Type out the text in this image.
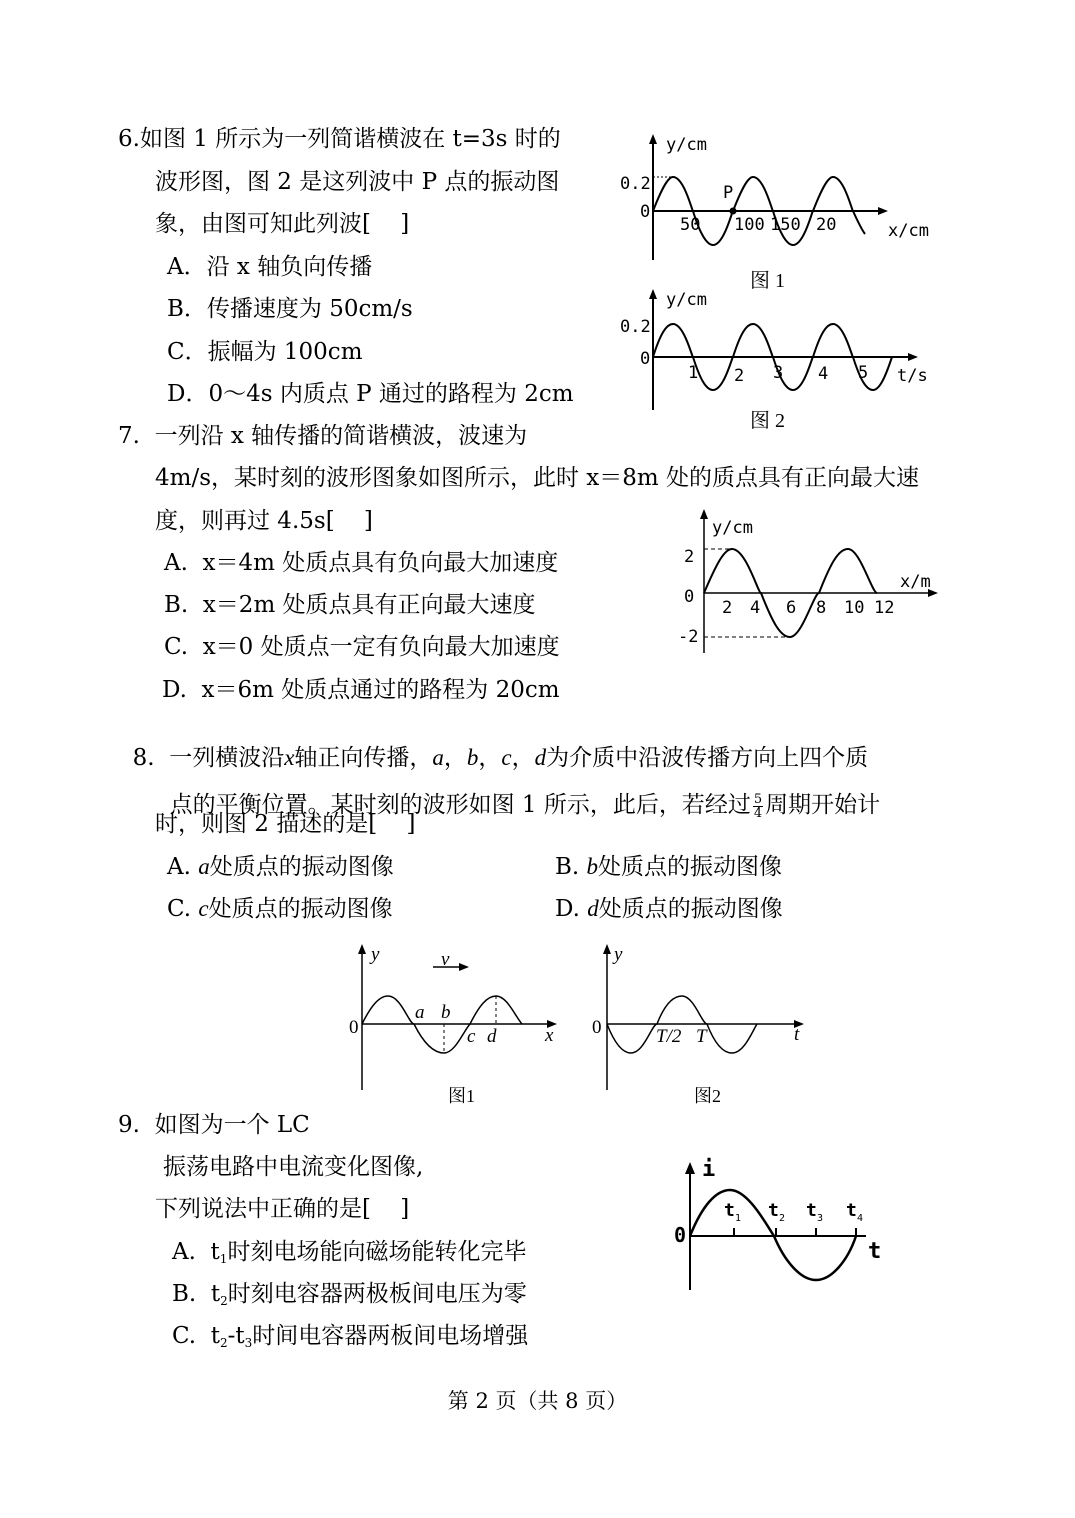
6.如图 1 所示为一列简谐横波在 t=3s 时的
波形图，图 2 是这列波中 P 点的振动图
象，由图可知此列波[    ]
A．沿 x 轴负向传播
B．传播速度为 50cm/s
C．振幅为 100cm
D．0～4s 内质点 P 通过的路程为 2cm
y/cm
x/cm
0.2
0
P
50 100 150 20
图 1
y/cm
t/s
0.2
0
1 2 3 4 5
图 2
7.  一列沿 x 轴传播的简谐横波，波速为
4m/s，某时刻的波形图象如图所示，此时 x＝8m 处的质点具有正向最大速
度，则再过 4.5s[    ]
A.  x＝4m 处质点具有负向最大加速度
B.  x＝2m 处质点具有正向最大速度
C.  x＝0 处质点一定有负向最大加速度
D.  x＝6m 处质点通过的路程为 20cm
y/cm
x/m
2
0
-2
2 4 6 8 10 12

8.  一列横波沿x轴正向传播，a，b，c，d为介质中沿波传播方向上四个质

点的平衡位置。某时刻的波形如图 1 所示，此后，若经过 $\frac{5}{4}$ 周期开始计

时，则图 2 描述的是[    ]
A. a处质点的振动图像	B. b处质点的振动图像
C. c处质点的振动图像	D. d处质点的振动图像
y	v
x
0
a b
c d
图1
y
t
0	T/2 T
图2
9.  如图为一个 LC
振荡电路中电流变化图像,
下列说法中正确的是[    ]
A.  $t_1$时刻电场能向磁场能转化完毕
B.  $t_2$时刻电容器两极板间电压为零
C.  $t_2-t_3$时间电容器两板间电场增强
i
t
0
t 1 t 2 t 3 t 4
第 2 页（共 8 页）
